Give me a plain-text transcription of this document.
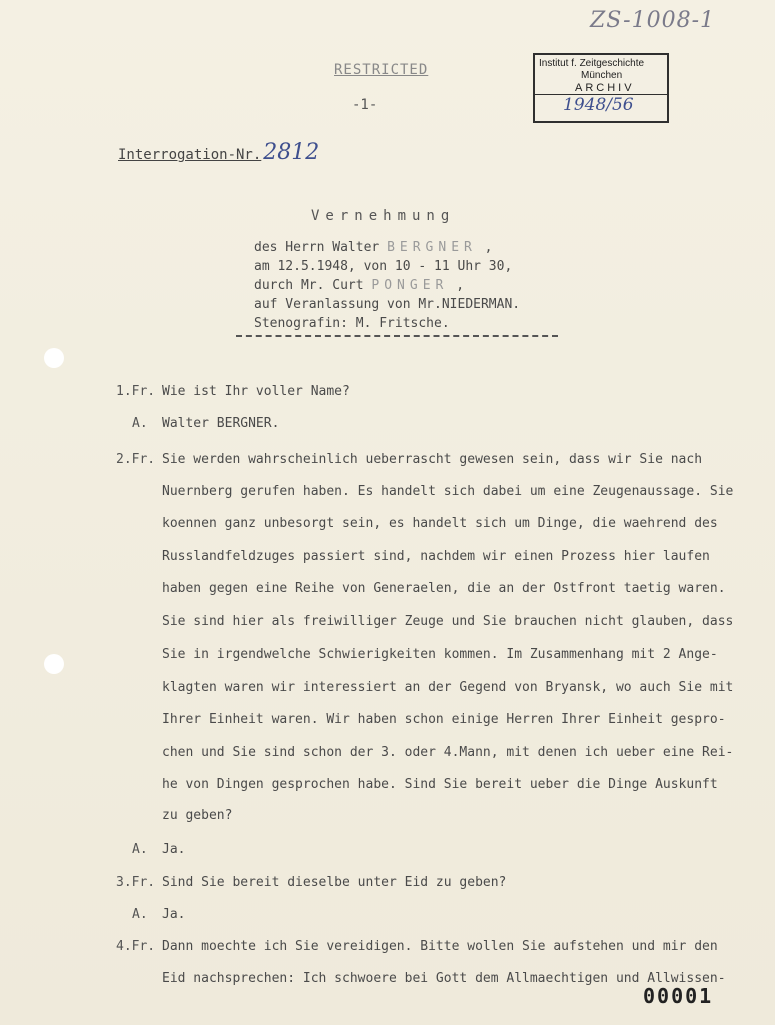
ZS-1008-1
Institut f. Zeitgeschichte
München
ARCHIV
1948/56
RESTRICTED
-1-
Interrogation-Nr.2812
Vernehmung
des Herrn Walter BERGNER ,
am 12.5.1948, von 10 - 11 Uhr 30,
durch Mr. Curt PONGER ,
auf Veranlassung von Mr.NIEDERMAN.
Stenografin: M. Fritsche.
1.Fr. Wie ist Ihr voller Name?
A. Walter BERGNER.
2.Fr. Sie werden wahrscheinlich ueberrascht gewesen sein, dass wir Sie nach
Nuernberg gerufen haben. Es handelt sich dabei um eine Zeugenaussage. Sie
koennen ganz unbesorgt sein, es handelt sich um Dinge, die waehrend des
Russlandfeldzuges passiert sind, nachdem wir einen Prozess hier laufen
haben gegen eine Reihe von Generaelen, die an der Ostfront taetig waren.
Sie sind hier als freiwilliger Zeuge und Sie brauchen nicht glauben, dass
Sie in irgendwelche Schwierigkeiten kommen. Im Zusammenhang mit 2 Ange-
klagten waren wir interessiert an der Gegend von Bryansk, wo auch Sie mit
Ihrer Einheit waren. Wir haben schon einige Herren Ihrer Einheit gespro-
chen und Sie sind schon der 3. oder 4.Mann, mit denen ich ueber eine Rei-
he von Dingen gesprochen habe. Sind Sie bereit ueber die Dinge Auskunft
zu geben?
A. Ja.
3.Fr. Sind Sie bereit dieselbe unter Eid zu geben?
A. Ja.
4.Fr. Dann moechte ich Sie vereidigen. Bitte wollen Sie aufstehen und mir den
Eid nachsprechen: Ich schwoere bei Gott dem Allmaechtigen und Allwissen-
00001
